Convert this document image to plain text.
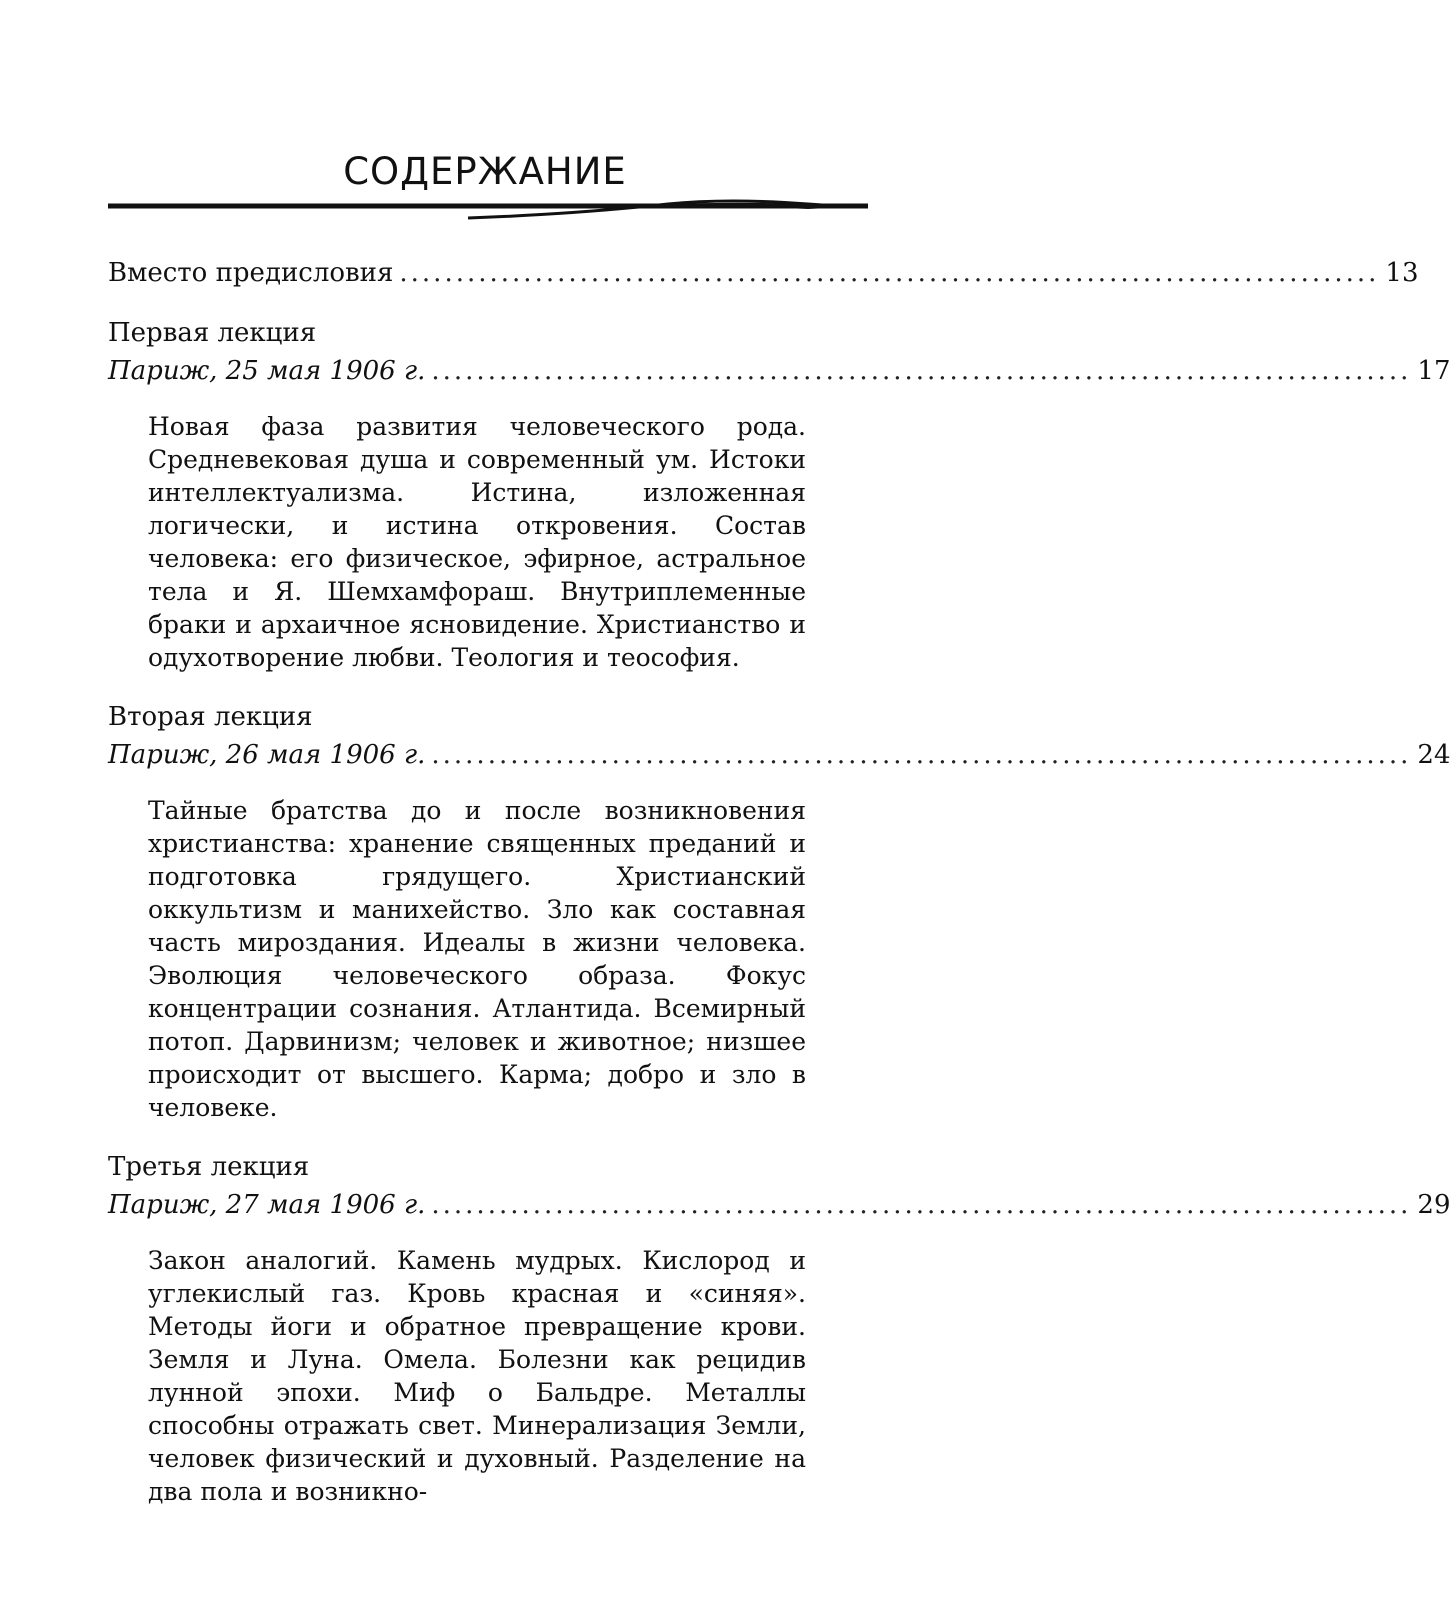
СОДЕРЖАНИЕ
Вместо предисловия ....................................................................................... 13
Первая лекция
Париж, 25 мая 1906 г. ....................................................................................... 17
Новая фаза развития человеческого рода. Средневековая душа и современный ум. Истоки интеллектуализма. Истина, изложенная логически, и истина откровения. Состав человека: его физическое, эфирное, астральное тела и Я. Шемхамфораш. Внутриплеменные браки и архаичное ясновидение. Христианство и одухотворение любви. Теология и теософия.
Вторая лекция
Париж, 26 мая 1906 г. ....................................................................................... 24
Тайные братства до и после возникновения христианства: хранение священных преданий и подготовка грядущего. Христианский оккультизм и манихейство. Зло как составная часть мироздания. Идеалы в жизни человека. Эволюция человеческого образа. Фокус концентрации сознания. Атлантида. Всемирный потоп. Дарвинизм; человек и животное; низшее происходит от высшего. Карма; добро и зло в человеке.
Третья лекция
Париж, 27 мая 1906 г. ....................................................................................... 29
Закон аналогий. Камень мудрых. Кислород и углекислый газ. Кровь красная и «синяя». Методы йоги и обратное превращение крови. Земля и Луна. Омела. Болезни как рецидив лунной эпохи. Миф о Бальдре. Металлы способны отражать свет. Минерализация Земли, человек физический и духовный. Разделение на два пола и возникно-
